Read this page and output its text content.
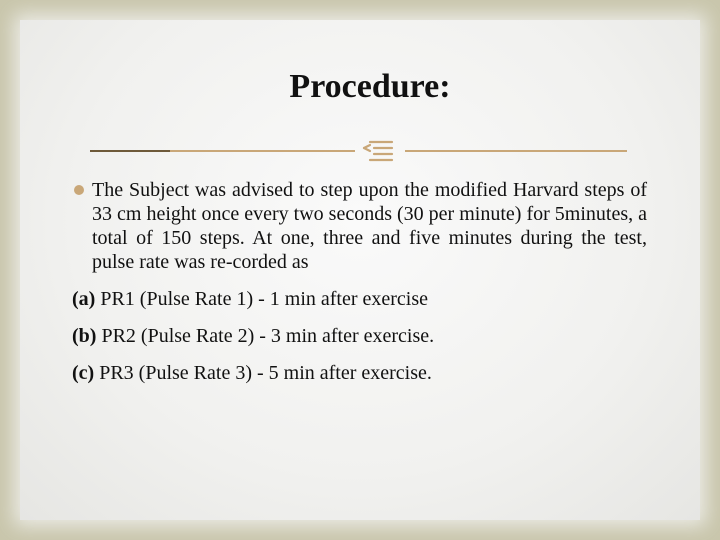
Procedure:
The Subject was advised to step upon the modified Harvard steps of 33 cm height once every two seconds (30 per minute) for 5minutes, a total of 150 steps. At one, three and five minutes during the test, pulse rate was re-corded as
(a) PR1 (Pulse Rate 1) - 1 min after exercise
(b) PR2 (Pulse Rate 2) - 3 min after exercise.
(c) PR3 (Pulse Rate 3) - 5 min after exercise.
